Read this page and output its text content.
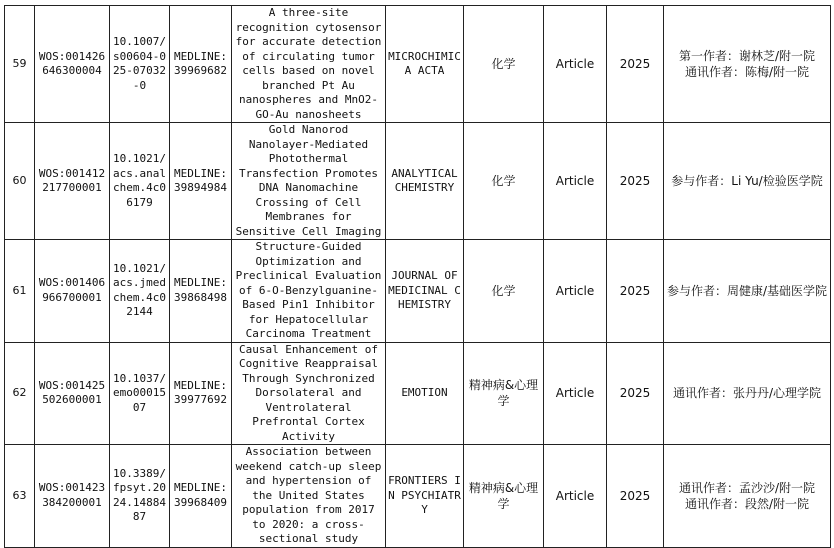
59	WOS:001426646300004	10.1007/s00604-025-07032-0	MEDLINE:39969682	A three-site recognition cytosensor for accurate detection of circulating tumor cells based on novel branched Pt Au nanospheres and MnO2-GO-Au nanosheets	MICROCHIMICA ACTA	化学	Article	2025	第一作者：谢林芝/附一院
通讯作者：陈梅/附一院

60	WOS:001412217700001	10.1021/acs.analchem.4c06179	MEDLINE:39894984	Gold Nanorod Nanolayer-Mediated Photothermal Transfection Promotes DNA Nanomachine Crossing of Cell Membranes for Sensitive Cell Imaging	ANALYTICAL CHEMISTRY	化学	Article	2025	参与作者：Li Yu/检验医学院

61	WOS:001406966700001	10.1021/acs.jmedchem.4c02144	MEDLINE:39868498	Structure-Guided Optimization and Preclinical Evaluation of 6-O-Benzylguanine-Based Pin1 Inhibitor for Hepatocellular Carcinoma Treatment	JOURNAL OF MEDICINAL CHEMISTRY	化学	Article	2025	参与作者：周健康/基础医学院

62	WOS:001425502600001	10.1037/emo0001507	MEDLINE:39977692	Causal Enhancement of Cognitive Reappraisal Through Synchronized Dorsolateral and Ventrolateral Prefrontal Cortex Activity	EMOTION	精神病&心理学	Article	2025	通讯作者：张丹丹/心理学院

63	WOS:001423384200001	10.3389/fpsyt.2024.1488487	MEDLINE:39968409	Association between weekend catch-up sleep and hypertension of the United States population from 2017 to 2020: a cross-sectional study	FRONTIERS IN PSYCHIATRY	精神病&心理学	Article	2025	通讯作者：孟沙沙/附一院
通讯作者：段然/附一院
